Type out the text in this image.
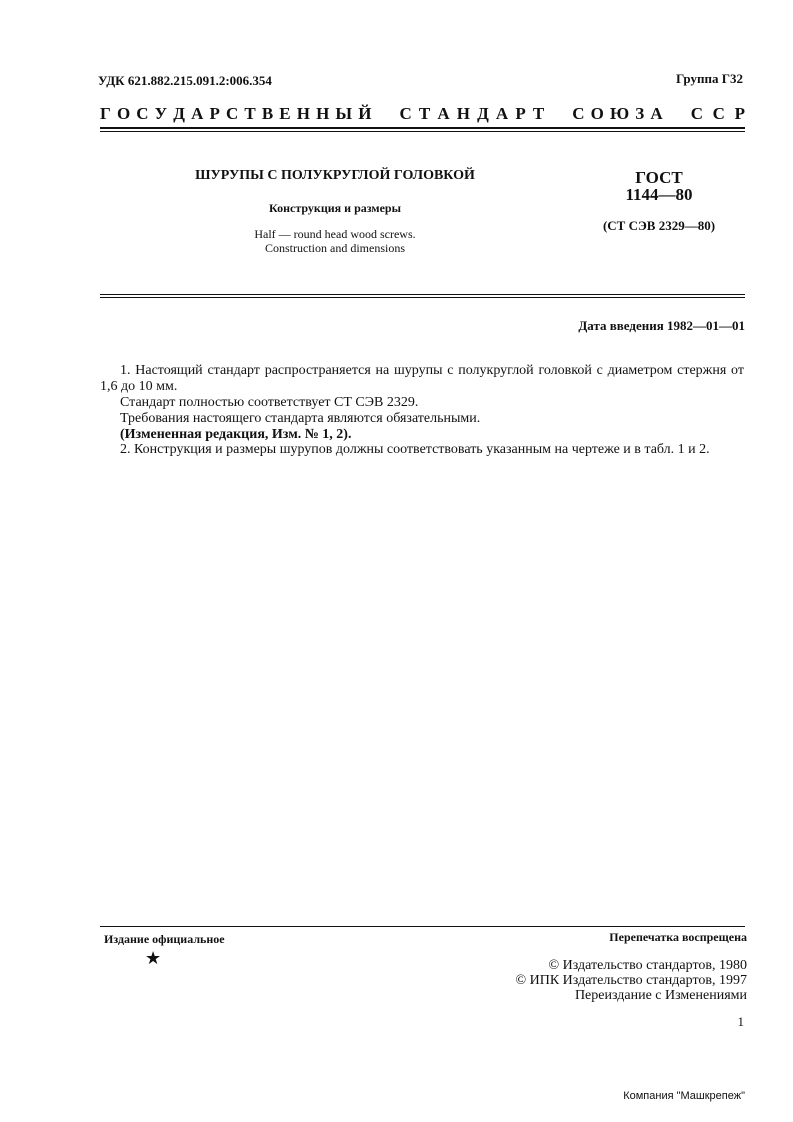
УДК 621.882.215.091.2:006.354	Группа Г32
Г О С У Д А Р С Т В Е Н Н Ы Й С Т А Н Д А Р Т С О Ю З А С С Р
ШУРУПЫ С ПОЛУКРУГЛОЙ ГОЛОВКОЙ
Конструкция и размеры
Half — round head wood screws.
Construction and dimensions
ГОСТ
1144—80
(СТ СЭВ 2329—80)
Дата введения 1982—01—01
1. Настоящий стандарт распространяется на шурупы с полукруглой головкой с диаметром стержня от 1,6 до 10 мм.
Стандарт полностью соответствует СТ СЭВ 2329.
Требования настоящего стандарта являются обязательными.
(Измененная редакция, Изм. № 1, 2).
2. Конструкция и размеры шурупов должны соответствовать указанным на чертеже и в табл. 1 и 2.
Издание официальное	Перепечатка воспрещена
★	© Издательство стандартов, 1980
© ИПК Издательство стандартов, 1997
Переиздание с Изменениями
1
Компания "Машкрепеж"
